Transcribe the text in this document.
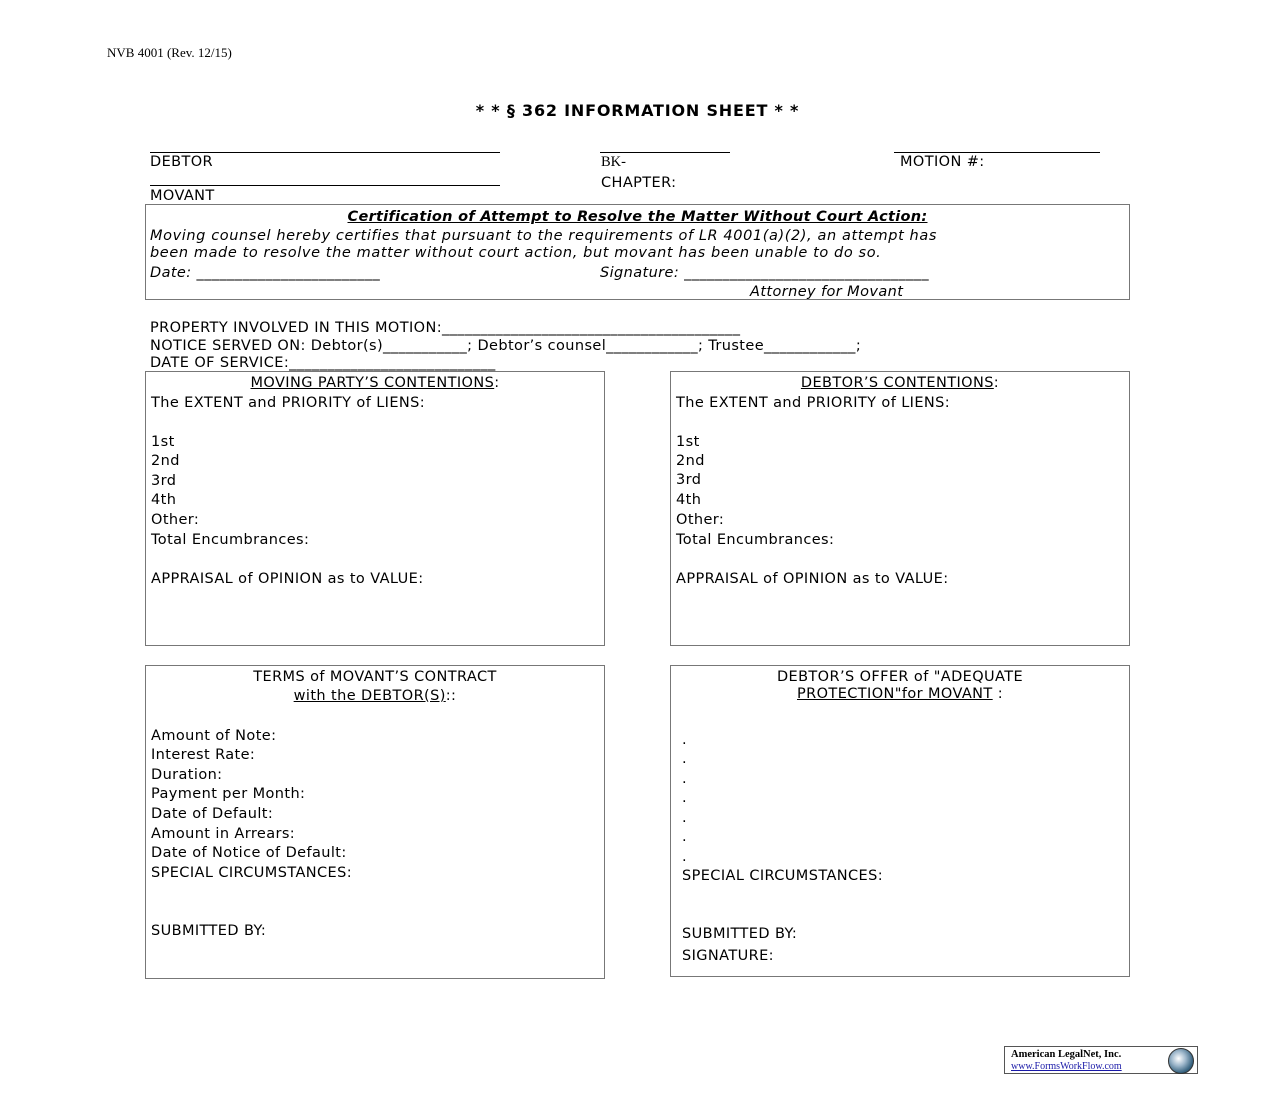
NVB 4001 (Rev. 12/15)
* * § 362 INFORMATION SHEET * *
DEBTOR	BK-	MOTION #:
CHAPTER:
MOVANT
Certification of Attempt to Resolve the Matter Without Court Action:
Moving counsel hereby certifies that pursuant to the requirements of LR 4001(a)(2), an attempt has
been made to resolve the matter without court action, but movant has been unable to do so.
Date: ________________________	Signature: ________________________________
Attorney for Movant
PROPERTY INVOLVED IN THIS MOTION:_______________________________________
NOTICE SERVED ON: Debtor(s)___________; Debtor’s counsel____________; Trustee____________;
DATE OF SERVICE:___________________________
MOVING PARTY’S CONTENTIONS:
The EXTENT and PRIORITY of LIENS:
1st
2nd
3rd
4th
Other:
Total Encumbrances:
APPRAISAL of OPINION as to VALUE:
DEBTOR’S CONTENTIONS:
The EXTENT and PRIORITY of LIENS:
1st
2nd
3rd
4th
Other:
Total Encumbrances:
APPRAISAL of OPINION as to VALUE:
TERMS of MOVANT’S CONTRACT
with the DEBTOR(S)::
Amount of Note:
Interest Rate:
Duration:
Payment per Month:
Date of Default:
Amount in Arrears:
Date of Notice of Default:
SPECIAL CIRCUMSTANCES:
SUBMITTED BY:
DEBTOR’S OFFER of "ADEQUATE
PROTECTION"for MOVANT :
.
.
.
.
.
.
.
SPECIAL CIRCUMSTANCES:
SUBMITTED BY:
SIGNATURE:
American LegalNet, Inc.
www.FormsWorkFlow.com
